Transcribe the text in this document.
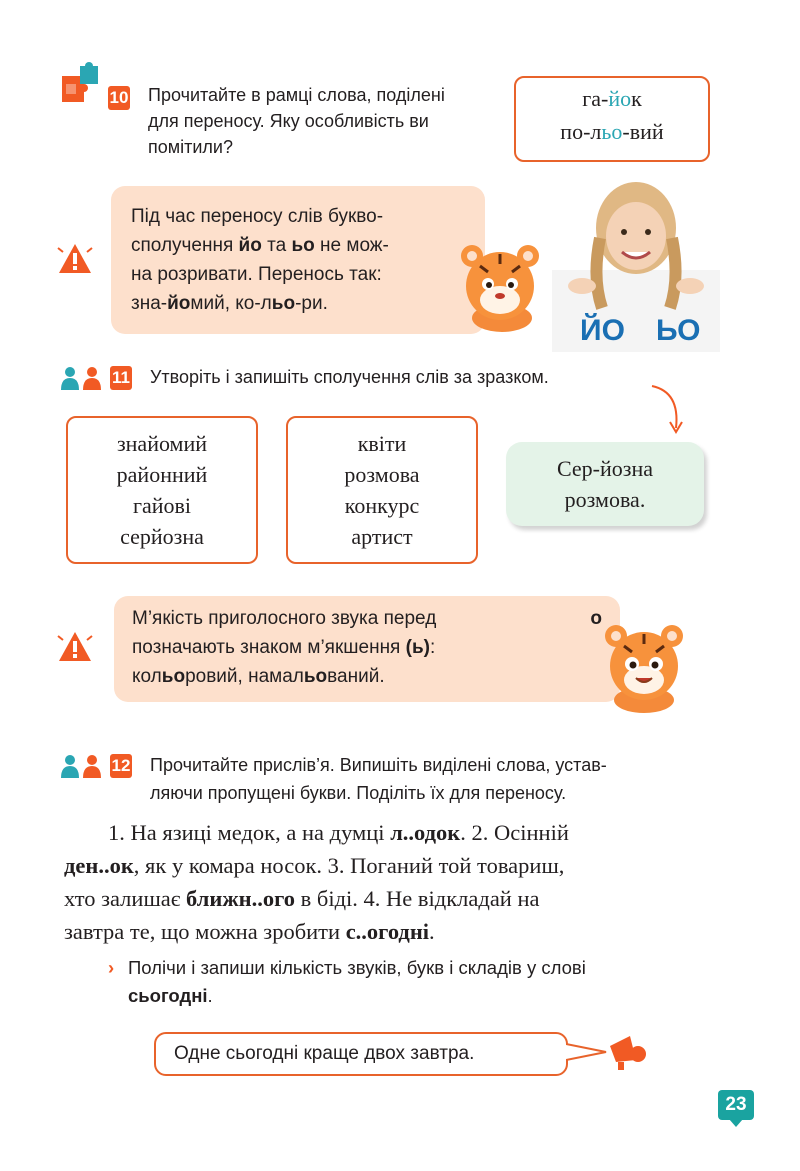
10 Прочитайте в рамці слова, поділені
для переносу. Яку особливість ви
помітили?
га-йок
по-льо-вий
Під час переносу слів букво-
сполучення йо та ьо не мож-
на розривати. Перенось так:
зна-йомий, ко-льо-ри.
ЙО ЬО
11 Утворіть і запишіть сполучення слів за зразком.
знайомий
районний
гайові
серйозна
квіти
розмова
конкурс
артист
Сер-йозна
розмова.
М’якість приголосного звука перед	о
позначають знаком м’якшення (ь):
кольоровий, намальований.
12 Прочитайте прислів’я. Випишіть виділені слова, устав-
ляючи пропущені букви. Поділіть їх для переносу.
1. На язиці медок, а на думці л..одок. 2. Осінній
ден..ок, як у комара носок. 3. Поганий той товариш,
хто залишає ближн..ого в біді. 4. Не відкладай на
завтра те, що можна зробити с..огодні.
› Полічи і запиши кількість звуків, букв і складів у слові
сьогодні.
Одне сьогодні краще двох завтра.
23
